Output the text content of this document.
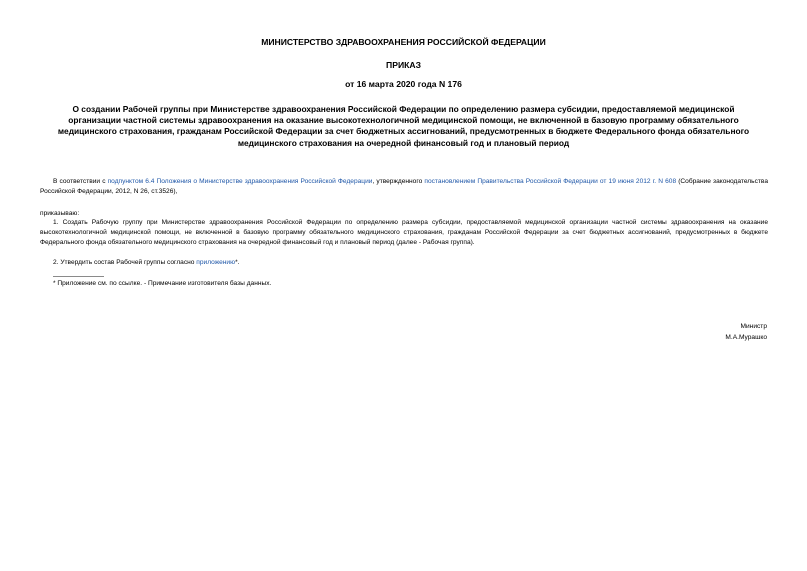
МИНИСТЕРСТВО ЗДРАВООХРАНЕНИЯ РОССИЙСКОЙ ФЕДЕРАЦИИ
ПРИКАЗ
от 16 марта 2020 года N 176
О создании Рабочей группы при Министерстве здравоохранения Российской Федерации по определению размера субсидии, предоставляемой медицинской организации частной системы здравоохранения на оказание высокотехнологичной медицинской помощи, не включенной в базовую программу обязательного медицинского страхования, гражданам Российской Федерации за счет бюджетных ассигнований, предусмотренных в бюджете Федерального фонда обязательного медицинского страхования на очередной финансовый год и плановый период
В соответствии с подпунктом 6.4 Положения о Министерстве здравоохранения Российской Федерации, утвержденного постановлением Правительства Российской Федерации от 19 июня 2012 г. N 608 (Собрание законодательства Российской Федерации, 2012, N 26, ст.3526),
приказываю:
1. Создать Рабочую группу при Министерстве здравоохранения Российской Федерации по определению размера субсидии, предоставляемой медицинской организации частной системы здравоохранения на оказание высокотехнологичной медицинской помощи, не включенной в базовую программу обязательного медицинского страхования, гражданам Российской Федерации за счет бюджетных ассигнований, предусмотренных в бюджете Федерального фонда обязательного медицинского страхования на очередной финансовый год и плановый период (далее - Рабочая группа).
2. Утвердить состав Рабочей группы согласно приложению*.
* Приложение см. по ссылке. - Примечание изготовителя базы данных.
Министр
М.А.Мурашко
